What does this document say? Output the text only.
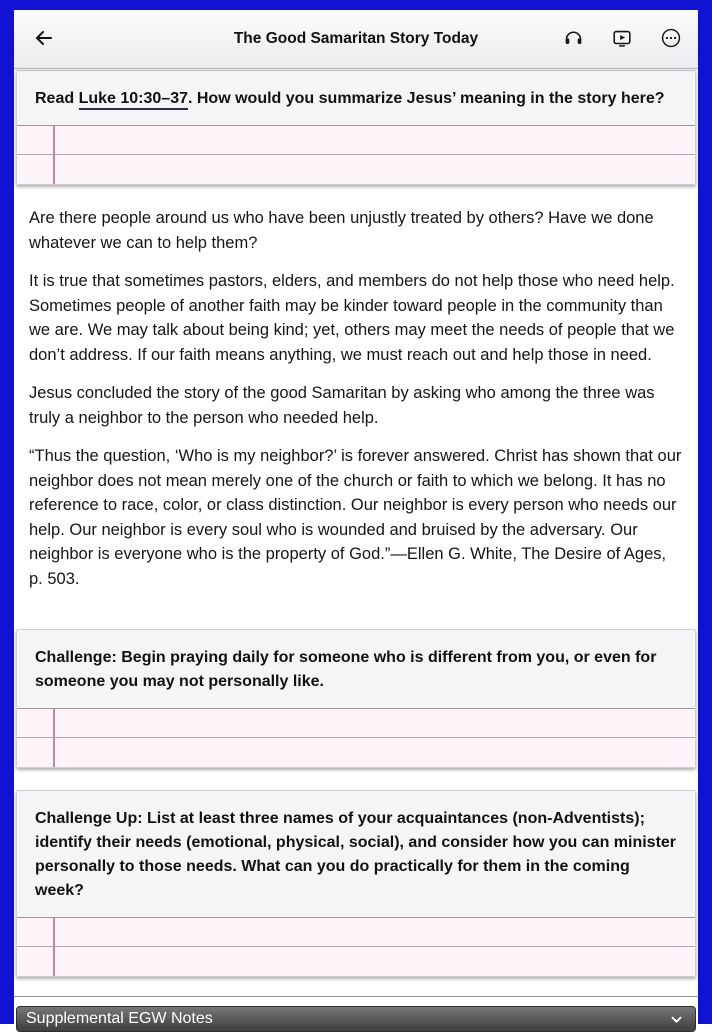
The Good Samaritan Story Today
Read Luke 10:30–37. How would you summarize Jesus’ meaning in the story here?

Are there people around us who have been unjustly treated by others? Have we done whatever we can to help them?

It is true that sometimes pastors, elders, and members do not help those who need help. Sometimes people of another faith may be kinder toward people in the community than we are. We may talk about being kind; yet, others may meet the needs of people that we don’t address. If our faith means anything, we must reach out and help those in need.

Jesus concluded the story of the good Samaritan by asking who among the three was truly a neighbor to the person who needed help.

“Thus the question, ‘Who is my neighbor?’ is forever answered. Christ has shown that our neighbor does not mean merely one of the church or faith to which we belong. It has no reference to race, color, or class distinction. Our neighbor is every person who needs our help. Our neighbor is every soul who is wounded and bruised by the adversary. Our neighbor is everyone who is the property of God.”—Ellen G. White, The Desire of Ages, p. 503.

Challenge: Begin praying daily for someone who is different from you, or even for someone you may not personally like.
Challenge Up: List at least three names of your acquaintances (non-Adventists); identify their needs (emotional, physical, social), and consider how you can minister personally to those needs. What can you do practically for them in the coming week?
Supplemental EGW Notes
